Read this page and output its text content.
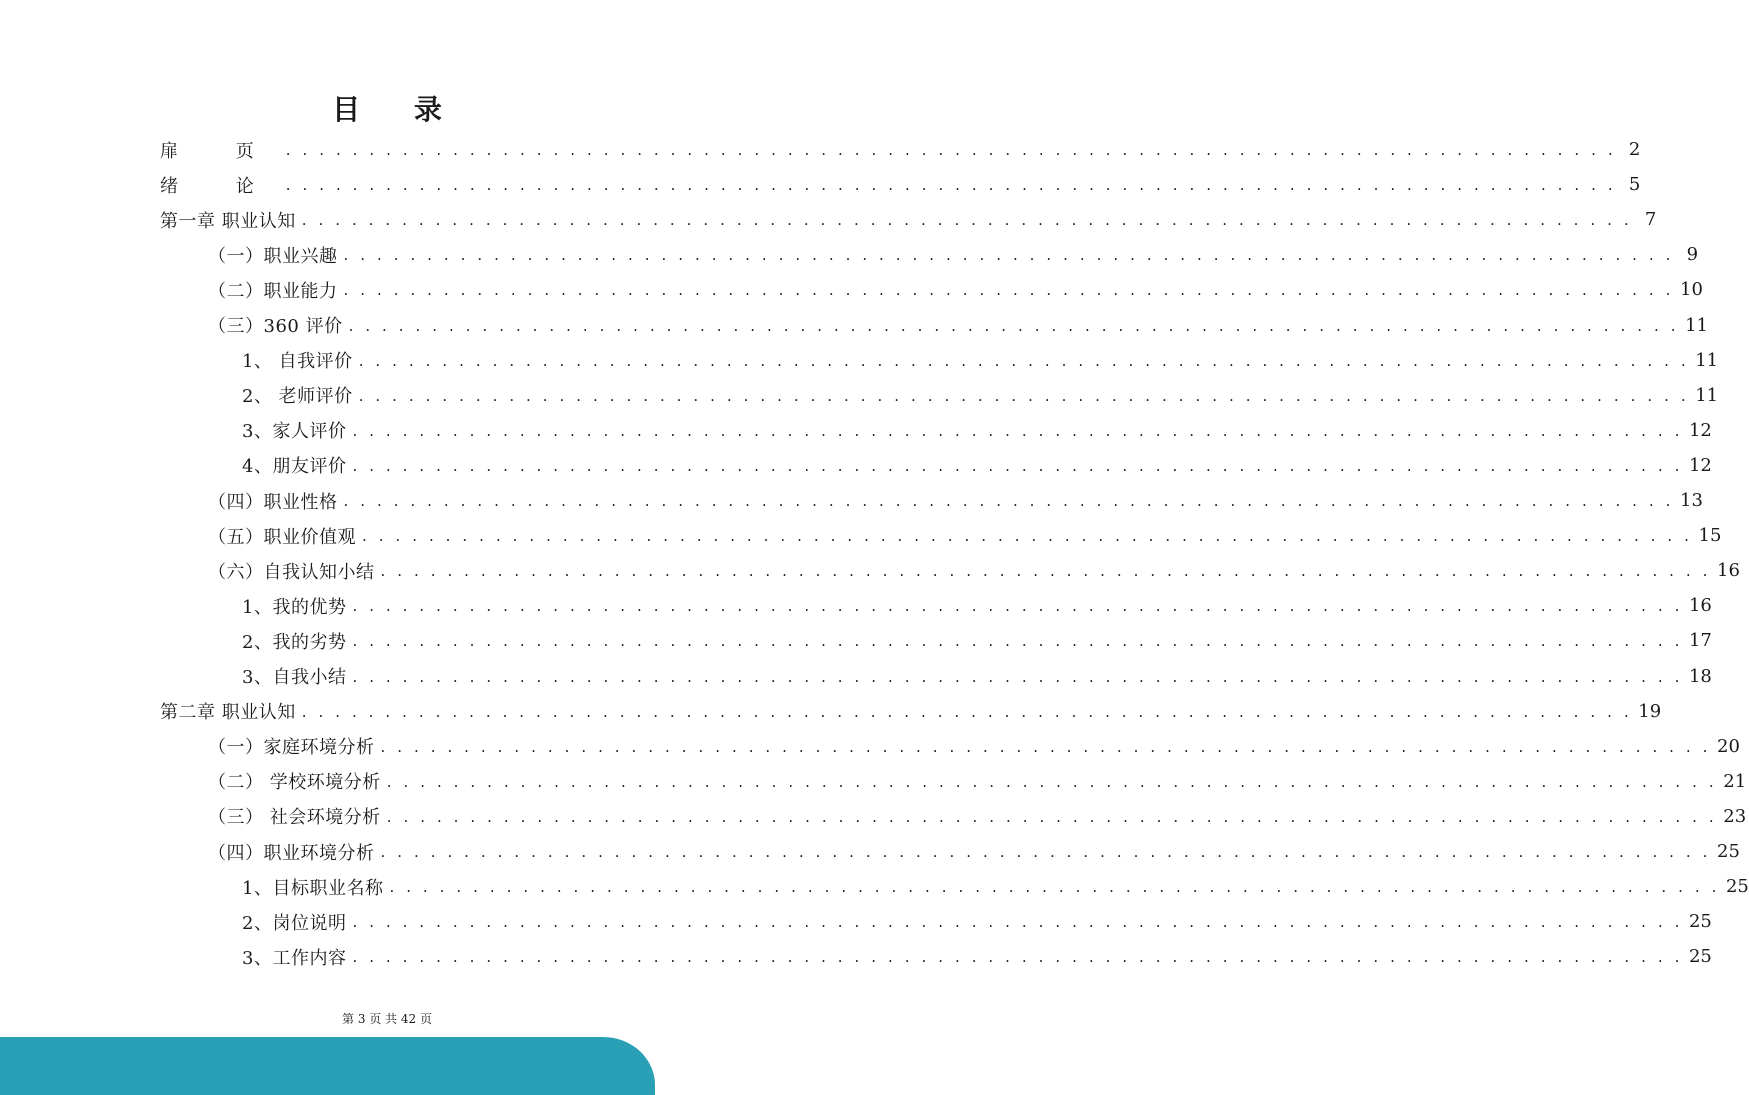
目 录
扉 页 . . . . . . . . . . . . . . . . . . . . . . . . . . . . . . . . . . . . . . . . . . . . . . . . . . . . . . . . . . . . . . . . . . . . . . . . . . . . . . . . 2
绪 论 . . . . . . . . . . . . . . . . . . . . . . . . . . . . . . . . . . . . . . . . . . . . . . . . . . . . . . . . . . . . . . . . . . . . . . . . . . . . . . . . 5
第一章 职业认知 . . . . . . . . . . . . . . . . . . . . . . . . . . . . . . . . . . . . . . . . . . . . . . . . . . . . . . . . . . . . . . . . . . . . . . . . . . . . . . . . 7
（一）职业兴趣 . . . . . . . . . . . . . . . . . . . . . . . . . . . . . . . . . . . . . . . . . . . . . . . . . . . . . . . . . . . . . . . . . . . . . . . . . . . . . . . . 9
（二）职业能力 . . . . . . . . . . . . . . . . . . . . . . . . . . . . . . . . . . . . . . . . . . . . . . . . . . . . . . . . . . . . . . . . . . . . . . . . . . . . . . . . 10
（三）360 评价 . . . . . . . . . . . . . . . . . . . . . . . . . . . . . . . . . . . . . . . . . . . . . . . . . . . . . . . . . . . . . . . . . . . . . . . . . . . . . . . . 11
1、 自我评价 . . . . . . . . . . . . . . . . . . . . . . . . . . . . . . . . . . . . . . . . . . . . . . . . . . . . . . . . . . . . . . . . . . . . . . . . . . . . . . . . 11
2、 老师评价 . . . . . . . . . . . . . . . . . . . . . . . . . . . . . . . . . . . . . . . . . . . . . . . . . . . . . . . . . . . . . . . . . . . . . . . . . . . . . . . . 11
3、家人评价 . . . . . . . . . . . . . . . . . . . . . . . . . . . . . . . . . . . . . . . . . . . . . . . . . . . . . . . . . . . . . . . . . . . . . . . . . . . . . . . . 12
4、朋友评价 . . . . . . . . . . . . . . . . . . . . . . . . . . . . . . . . . . . . . . . . . . . . . . . . . . . . . . . . . . . . . . . . . . . . . . . . . . . . . . . . 12
（四）职业性格 . . . . . . . . . . . . . . . . . . . . . . . . . . . . . . . . . . . . . . . . . . . . . . . . . . . . . . . . . . . . . . . . . . . . . . . . . . . . . . . . 13
（五）职业价值观 . . . . . . . . . . . . . . . . . . . . . . . . . . . . . . . . . . . . . . . . . . . . . . . . . . . . . . . . . . . . . . . . . . . . . . . . . . . . . . . . 15
（六）自我认知小结 . . . . . . . . . . . . . . . . . . . . . . . . . . . . . . . . . . . . . . . . . . . . . . . . . . . . . . . . . . . . . . . . . . . . . . . . . . . . . . . . 16
1、我的优势 . . . . . . . . . . . . . . . . . . . . . . . . . . . . . . . . . . . . . . . . . . . . . . . . . . . . . . . . . . . . . . . . . . . . . . . . . . . . . . . . 16
2、我的劣势 . . . . . . . . . . . . . . . . . . . . . . . . . . . . . . . . . . . . . . . . . . . . . . . . . . . . . . . . . . . . . . . . . . . . . . . . . . . . . . . . 17
3、自我小结 . . . . . . . . . . . . . . . . . . . . . . . . . . . . . . . . . . . . . . . . . . . . . . . . . . . . . . . . . . . . . . . . . . . . . . . . . . . . . . . . 18
第二章 职业认知 . . . . . . . . . . . . . . . . . . . . . . . . . . . . . . . . . . . . . . . . . . . . . . . . . . . . . . . . . . . . . . . . . . . . . . . . . . . . . . . . 19
（一）家庭环境分析 . . . . . . . . . . . . . . . . . . . . . . . . . . . . . . . . . . . . . . . . . . . . . . . . . . . . . . . . . . . . . . . . . . . . . . . . . . . . . . . . 20
（二） 学校环境分析 . . . . . . . . . . . . . . . . . . . . . . . . . . . . . . . . . . . . . . . . . . . . . . . . . . . . . . . . . . . . . . . . . . . . . . . . . . . . . . . . 21
（三） 社会环境分析 . . . . . . . . . . . . . . . . . . . . . . . . . . . . . . . . . . . . . . . . . . . . . . . . . . . . . . . . . . . . . . . . . . . . . . . . . . . . . . . . 23
（四）职业环境分析 . . . . . . . . . . . . . . . . . . . . . . . . . . . . . . . . . . . . . . . . . . . . . . . . . . . . . . . . . . . . . . . . . . . . . . . . . . . . . . . . 25
1、目标职业名称 . . . . . . . . . . . . . . . . . . . . . . . . . . . . . . . . . . . . . . . . . . . . . . . . . . . . . . . . . . . . . . . . . . . . . . . . . . . . . . . . 25
2、岗位说明 . . . . . . . . . . . . . . . . . . . . . . . . . . . . . . . . . . . . . . . . . . . . . . . . . . . . . . . . . . . . . . . . . . . . . . . . . . . . . . . . 25
3、工作内容 . . . . . . . . . . . . . . . . . . . . . . . . . . . . . . . . . . . . . . . . . . . . . . . . . . . . . . . . . . . . . . . . . . . . . . . . . . . . . . . . 25
第 3 页 共 42 页
